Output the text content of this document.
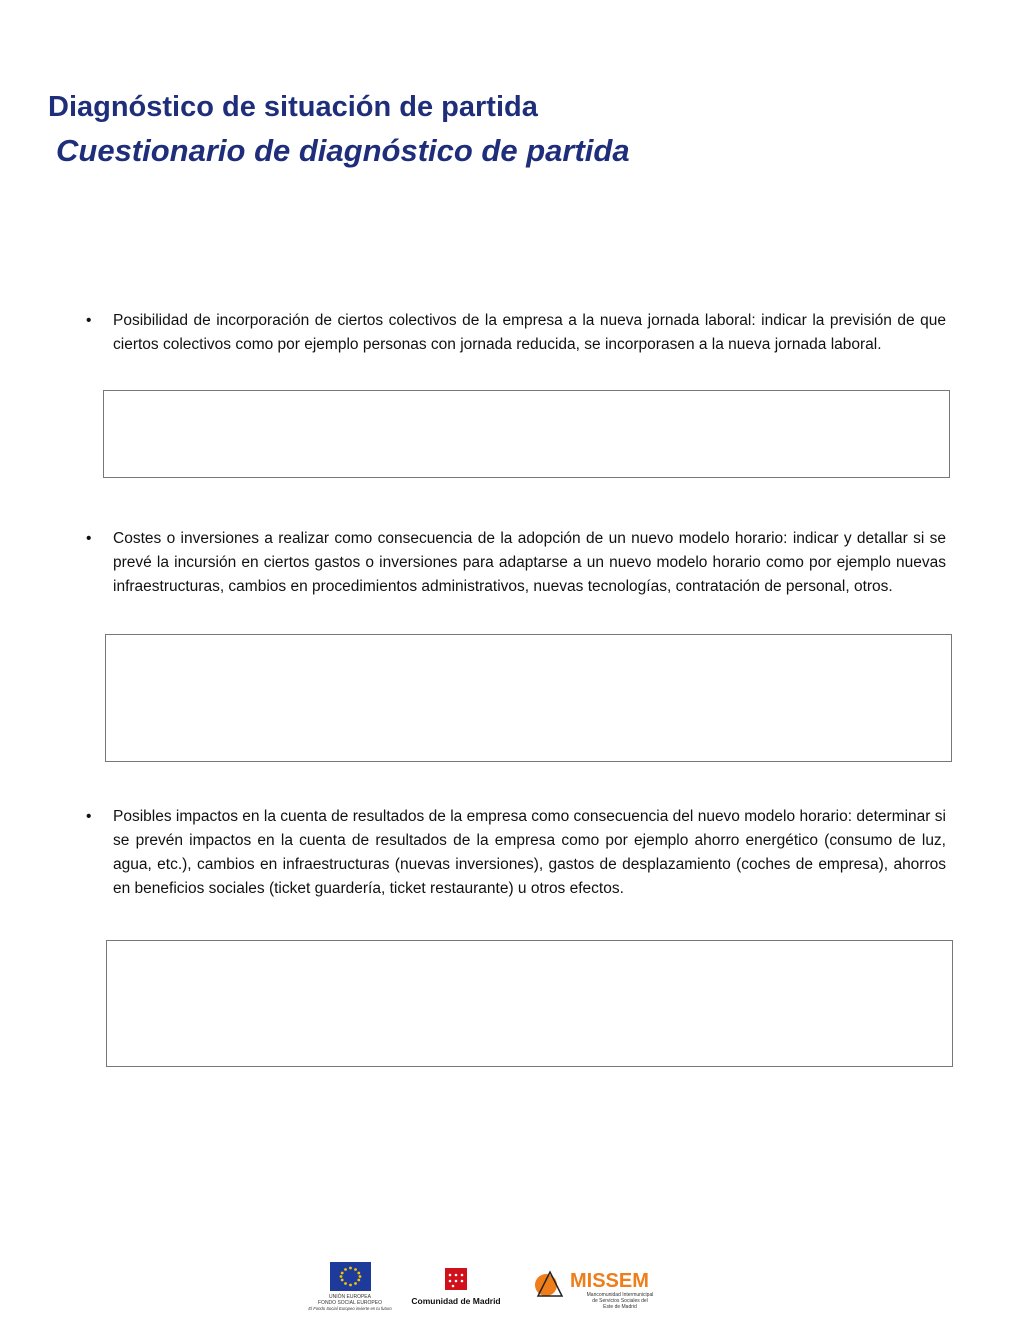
Diagnóstico de situación de partida
Cuestionario de diagnóstico de partida
•	Posibilidad de incorporación de ciertos colectivos de la empresa a la nueva jornada laboral: indicar la previsión de que ciertos colectivos como por ejemplo personas con jornada reducida, se incorporasen a la nueva jornada laboral.
•	Costes o inversiones a realizar como consecuencia de la adopción de un nuevo modelo horario: indicar y detallar si se prevé la incursión en ciertos gastos o inversiones para adaptarse a un nuevo modelo horario como por ejemplo nuevas infraestructuras, cambios en procedimientos administrativos, nuevas tecnologías, contratación de personal, otros.
•	Posibles impactos en la cuenta de resultados de la empresa como consecuencia del nuevo modelo horario: determinar si se prevén impactos en la cuenta de resultados de la empresa como por ejemplo ahorro energético (consumo de luz, agua, etc.), cambios en infraestructuras (nuevas inversiones), gastos de desplazamiento (coches de empresa), ahorros en beneficios sociales (ticket guardería, ticket restaurante) u otros efectos.
UNIÓN EUROPEA
FONDO SOCIAL EUROPEO
El Fondo Social Europeo invierte en tu futuro
Comunidad de Madrid
MISSEM
Mancomunidad Intermunicipal
de Servicios Sociales del
Este de Madrid
